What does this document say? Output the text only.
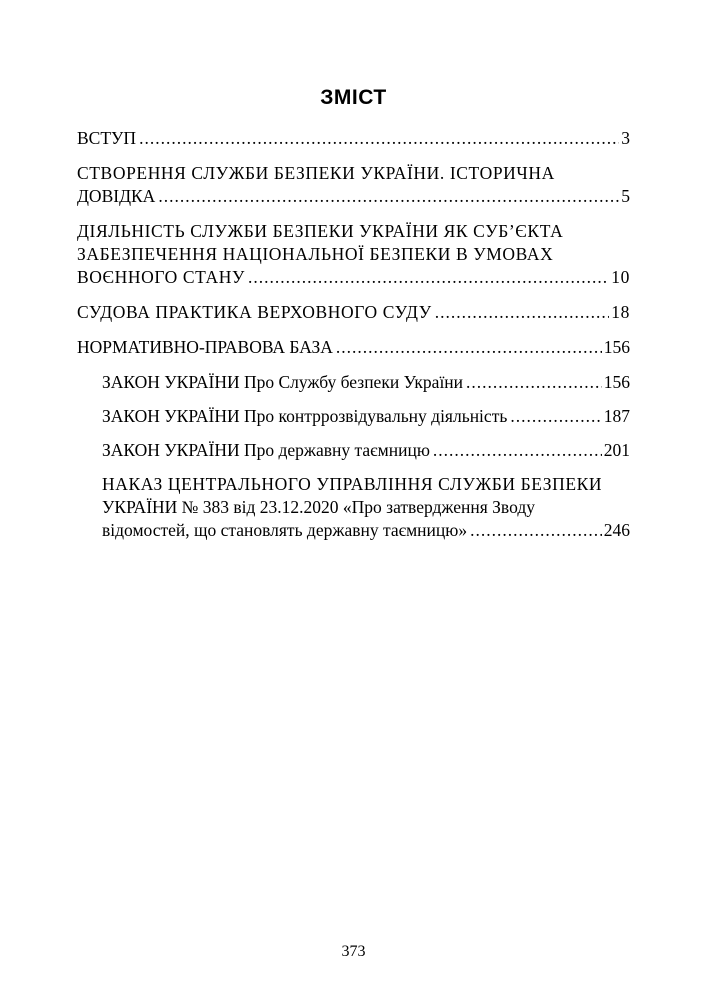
ЗМІСТ
ВСТУП .....	3
СТВОРЕННЯ СЛУЖБИ БЕЗПЕКИ УКРАЇНИ. ІСТОРИЧНА
ДОВІДКА .....	5
ДІЯЛЬНІСТЬ СЛУЖБИ БЕЗПЕКИ УКРАЇНИ ЯК СУБ’ЄКТА
ЗАБЕЗПЕЧЕННЯ НАЦІОНАЛЬНОЇ БЕЗПЕКИ В УМОВАХ
ВОЄННОГО СТАНУ .....	10
СУДОВА ПРАКТИКА ВЕРХОВНОГО СУДУ .....	18
НОРМАТИВНО-ПРАВОВА БАЗА .....	156
ЗАКОН УКРАЇНИ Про Службу безпеки України .....	156
ЗАКОН УКРАЇНИ Про контррозвідувальну діяльність .....	187
ЗАКОН УКРАЇНИ Про державну таємницю .....	201
НАКАЗ ЦЕНТРАЛЬНОГО УПРАВЛІННЯ СЛУЖБИ БЕЗПЕКИ
УКРАЇНИ № 383 від 23.12.2020 «Про затвердження Зводу
відомостей, що становлять державну таємницю» .....	246
373
